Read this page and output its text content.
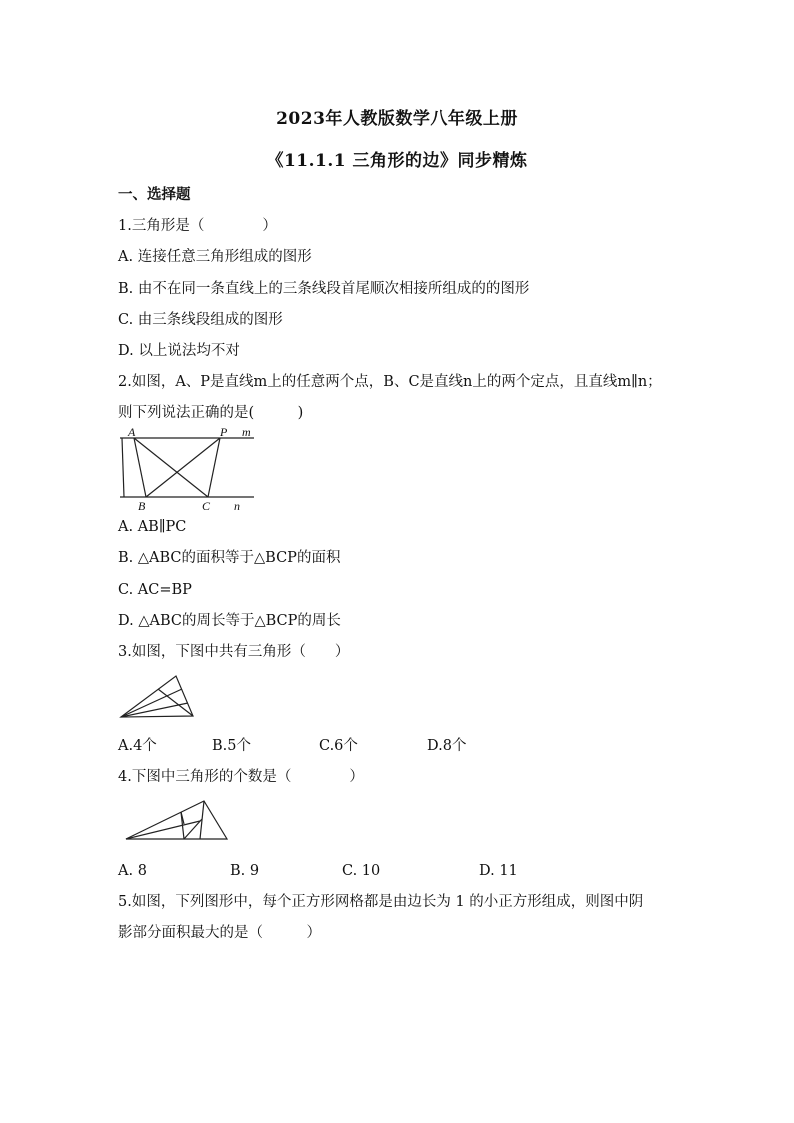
2023年人教版数学八年级上册
《11.1.1 三角形的边》同步精炼
一、选择题
1.三角形是（　　　　）
A. 连接任意三角形组成的图形
B. 由不在同一条直线上的三条线段首尾顺次相接所组成的的图形
C. 由三条线段组成的图形
D. 以上说法均不对
2.如图，A、P是直线m上的任意两个点，B、C是直线n上的两个定点，且直线m∥n；
则下列说法正确的是(　　　)
A	P m
B	C n
A. AB∥PC
B. △ABC的面积等于△BCP的面积
C. AC=BP
D. △ABC的周长等于△BCP的周长
3.如图，下图中共有三角形（　　）
A.4个	B.5个	C.6个	D.8个
4.下图中三角形的个数是（　　　　）
A. 8	B. 9	C. 10	D. 11
5.如图，下列图形中，每个正方形网格都是由边长为 1 的小正方形组成，则图中阴
影部分面积最大的是（　　　）
